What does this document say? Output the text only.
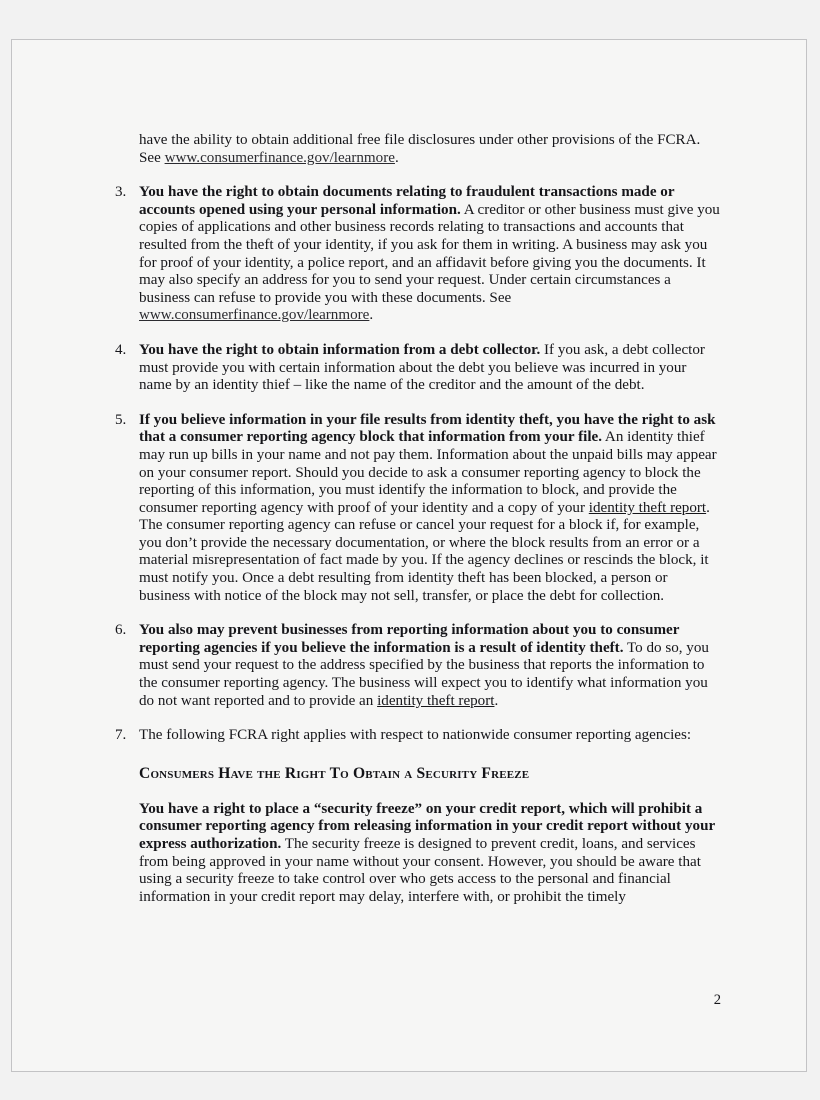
have the ability to obtain additional free file disclosures under other provisions of the FCRA. See www.consumerfinance.gov/learnmore.
3. You have the right to obtain documents relating to fraudulent transactions made or accounts opened using your personal information. A creditor or other business must give you copies of applications and other business records relating to transactions and accounts that resulted from the theft of your identity, if you ask for them in writing. A business may ask you for proof of your identity, a police report, and an affidavit before giving you the documents. It may also specify an address for you to send your request. Under certain circumstances a business can refuse to provide you with these documents. See www.consumerfinance.gov/learnmore.
4. You have the right to obtain information from a debt collector. If you ask, a debt collector must provide you with certain information about the debt you believe was incurred in your name by an identity thief – like the name of the creditor and the amount of the debt.
5. If you believe information in your file results from identity theft, you have the right to ask that a consumer reporting agency block that information from your file. An identity thief may run up bills in your name and not pay them. Information about the unpaid bills may appear on your consumer report. Should you decide to ask a consumer reporting agency to block the reporting of this information, you must identify the information to block, and provide the consumer reporting agency with proof of your identity and a copy of your identity theft report. The consumer reporting agency can refuse or cancel your request for a block if, for example, you don’t provide the necessary documentation, or where the block results from an error or a material misrepresentation of fact made by you. If the agency declines or rescinds the block, it must notify you. Once a debt resulting from identity theft has been blocked, a person or business with notice of the block may not sell, transfer, or place the debt for collection.
6. You also may prevent businesses from reporting information about you to consumer reporting agencies if you believe the information is a result of identity theft. To do so, you must send your request to the address specified by the business that reports the information to the consumer reporting agency. The business will expect you to identify what information you do not want reported and to provide an identity theft report.
7. The following FCRA right applies with respect to nationwide consumer reporting agencies:
Consumers Have the Right To Obtain a Security Freeze
You have a right to place a “security freeze” on your credit report, which will prohibit a consumer reporting agency from releasing information in your credit report without your express authorization. The security freeze is designed to prevent credit, loans, and services from being approved in your name without your consent. However, you should be aware that using a security freeze to take control over who gets access to the personal and financial information in your credit report may delay, interfere with, or prohibit the timely
2
